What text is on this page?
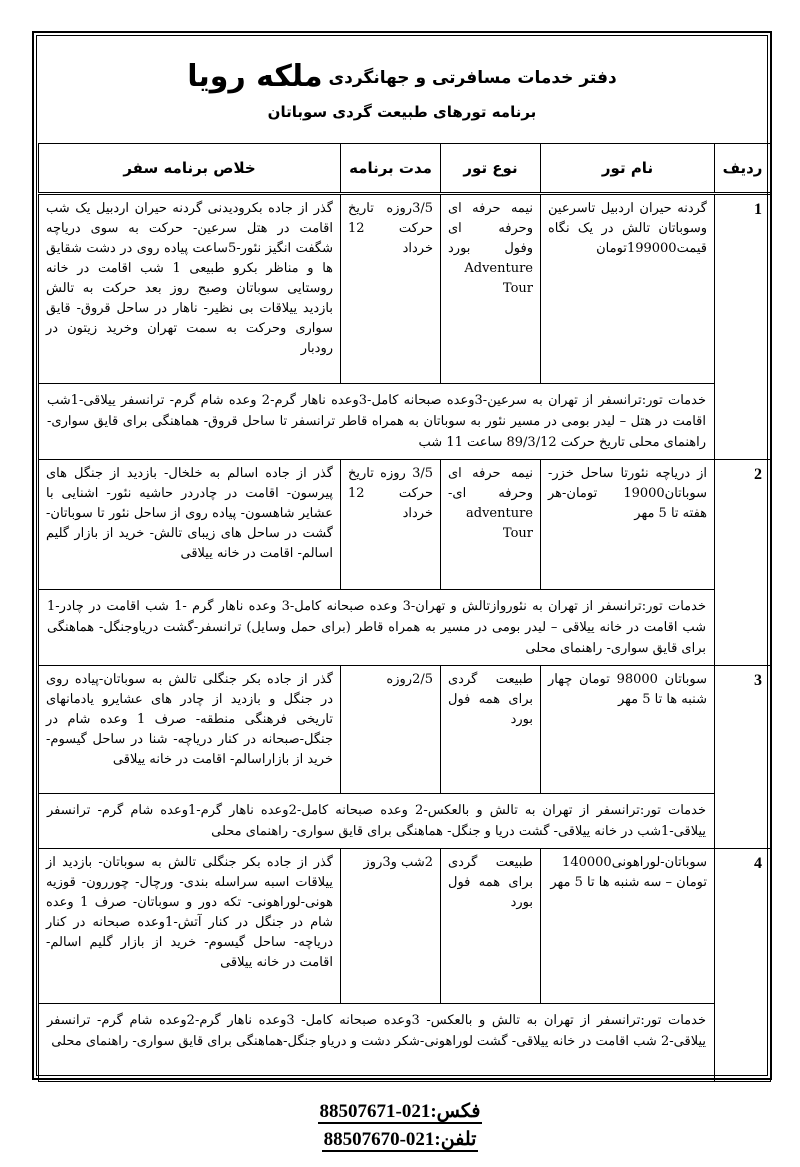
دفتر خدمات مسافرتی و جهانگردی ملکه رویا
برنامه تورهای طبیعت گردی سوباتان
ردیف	نام تور	نوع تور	مدت برنامه	خلاص برنامه سفر
1	گردنه حیران اردبیل تاسرعین وسوباتان تالش در یک نگاه قیمت199000تومان	نیمه حرفه ای وحرفه ای وفول بورد Adventure Tour	3/5روزه تاریخ حرکت 12 خرداد	گذر از جاده بکرودیدنی گردنه حیران اردبیل یک شب اقامت در هتل سرعین- حرکت به سوی دریاچه شگفت انگیز نئور-5ساعت پیاده روی در دشت شقایق ها و مناظر بکرو طبیعی 1 شب اقامت در خانه روستایی سوباتان وصبح روز بعد حرکت به تالش بازدید ییلاقات بی نظیر- ناهار در ساحل قروق- قایق سواری وحرکت به سمت تهران وخرید زیتون در رودبار
	خدمات تور:ترانسفر از تهران به سرعین-3وعده صبحانه کامل-3وعده ناهار گرم-2 وعده شام گرم- ترانسفر ییلاقی-1شب اقامت در هتل – لیدر بومی در مسیر نئور به سوباتان به همراه قاطر ترانسفر تا ساحل قروق- هماهنگی برای قایق سواری- راهنمای محلی تاریخ حرکت 89/3/12 ساعت 11 شب			
2	از دریاچه نئورتا ساحل خزر- سوباتان19000 تومان-هر هفته تا 5 مهر	نیمه حرفه ای وحرفه ای- adventure Tour	3/5 روزه تاریخ حرکت 12 خرداد	گذر از جاده اسالم به خلخال- بازدید از جنگل های پیرسون- اقامت در چادردر حاشیه نئور- اشنایی با عشایر شاهسون- پیاده روی از ساحل نئور تا سوباتان-گشت در ساحل های زیبای تالش- خرید از بازار گلیم اسالم- اقامت در خانه ییلاقی
	خدمات تور:ترانسفر از تهران به نئوروازتالش و تهران-3 وعده صبحانه کامل-3 وعده ناهار گرم -1 شب اقامت در چادر-1 شب اقامت در خانه ییلاقی – لیدر بومی در مسیر به همراه قاطر (برای حمل وسایل) ترانسفر-گشت دریاوجنگل- هماهنگی برای قایق سواری- راهنمای محلی			
3	سوباتان 98000 تومان چهار شنبه ها تا 5 مهر	طبیعت گردی برای همه فول بورد	2/5روزه	گذر از جاده بکر جنگلی تالش به سوباتان-پیاده روی در جنگل و بازدید از چادر های عشایرو یادمانهای تاریخی فرهنگی منطقه- صرف 1 وعده شام در جنگل-صبحانه در کنار دریاچه- شنا در ساحل گیسوم- خرید از بازاراسالم- اقامت در خانه ییلاقی
	خدمات تور:ترانسفر از تهران به تالش و بالعکس-2 وعده صبحانه کامل-2وعده ناهار گرم-1وعده شام گرم- ترانسفر ییلاقی-1شب در خانه ییلاقی- گشت دریا و جنگل- هماهنگی برای قایق سواری- راهنمای محلی			
4	سوباتان-لوراهونی140000 تومان – سه شنبه ها تا 5 مهر	طبیعت گردی برای همه فول بورد	2شب و3روز	گذر از جاده بکر جنگلی تالش به سوباتان- بازدید از ییلاقات اسبه سراسله بندی- ورچال- چوررون- قوزیه هونی-لوراهونی- تکه دور و سوباتان- صرف 1 وعده شام در جنگل در کنار آتش-1وعده صبحانه در کنار دریاچه- ساحل گیسوم- خرید از بازار گلیم اسالم- اقامت در خانه ییلاقی
	خدمات تور:ترانسفر از تهران به تالش و بالعکس- 3وعده صبحانه کامل- 3وعده ناهار گرم-2وعده شام گرم- ترانسفر ییلاقی-2 شب اقامت در خانه ییلاقی- گشت لوراهونی-شکر دشت و دریاو جنگل-هماهنگی برای قایق سواری- راهنمای محلی			
فکس:021-88507671
تلفن:021-88507670
